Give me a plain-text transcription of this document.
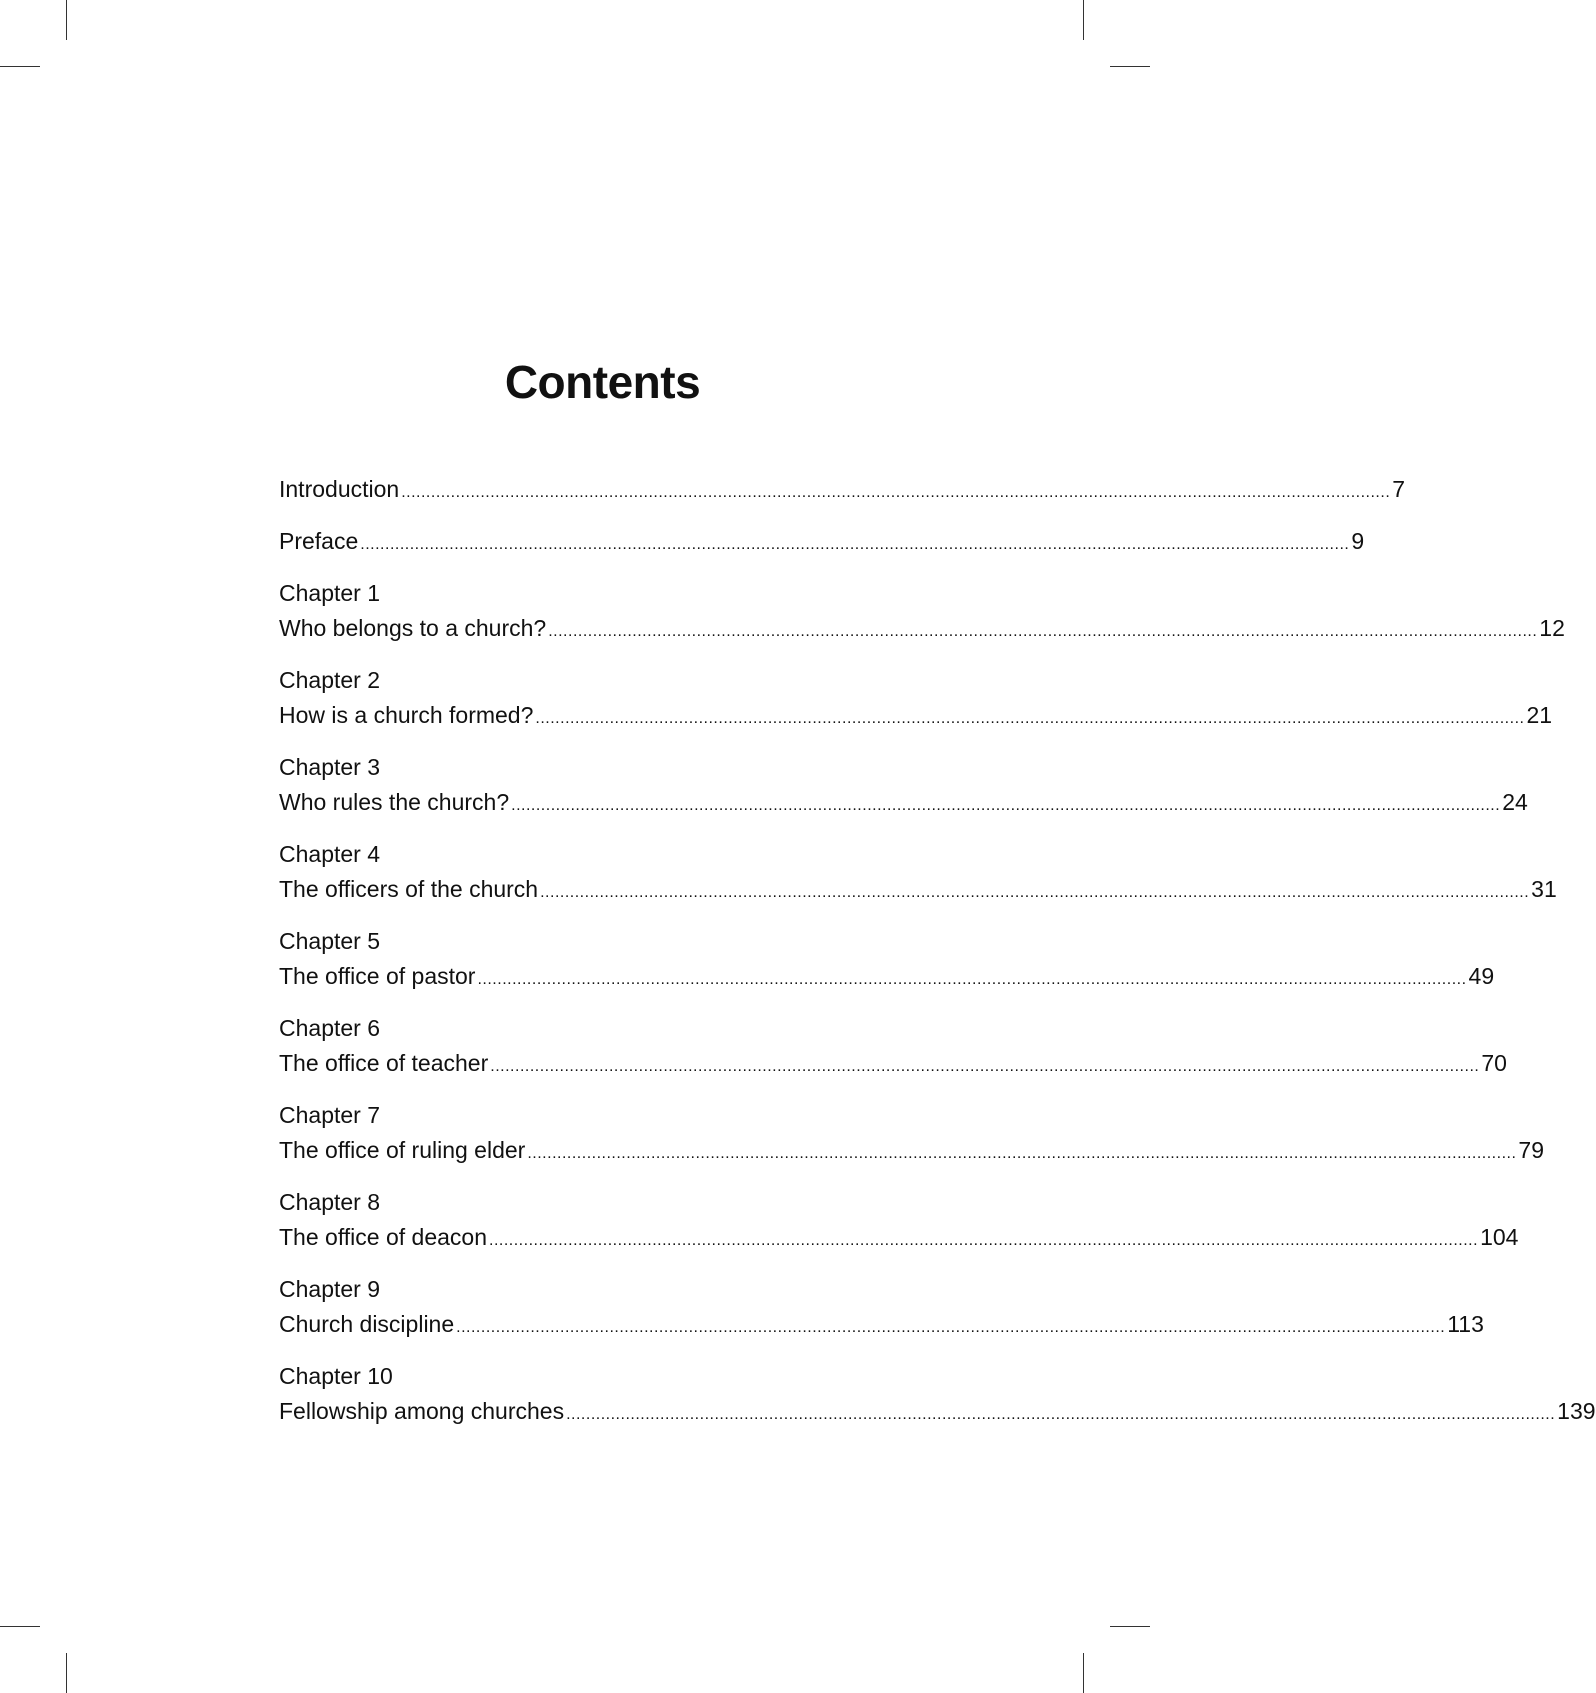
Contents
Introduction ........................................................................................................................................................................................................ 7
Preface ........................................................................................................................................................................................................ 9
Chapter 1
Who belongs to a church? ........................................................................................................................................................................................................ 12
Chapter 2
How is a church formed? ........................................................................................................................................................................................................ 21
Chapter 3
Who rules the church? ........................................................................................................................................................................................................ 24
Chapter 4
The officers of the church ........................................................................................................................................................................................................ 31
Chapter 5
The office of pastor ........................................................................................................................................................................................................ 49
Chapter 6
The office of teacher ........................................................................................................................................................................................................ 70
Chapter 7
The office of ruling elder ........................................................................................................................................................................................................ 79
Chapter 8
The office of deacon ........................................................................................................................................................................................................ 104
Chapter 9
Church discipline ........................................................................................................................................................................................................ 113
Chapter 10
Fellowship among churches ........................................................................................................................................................................................................ 139
